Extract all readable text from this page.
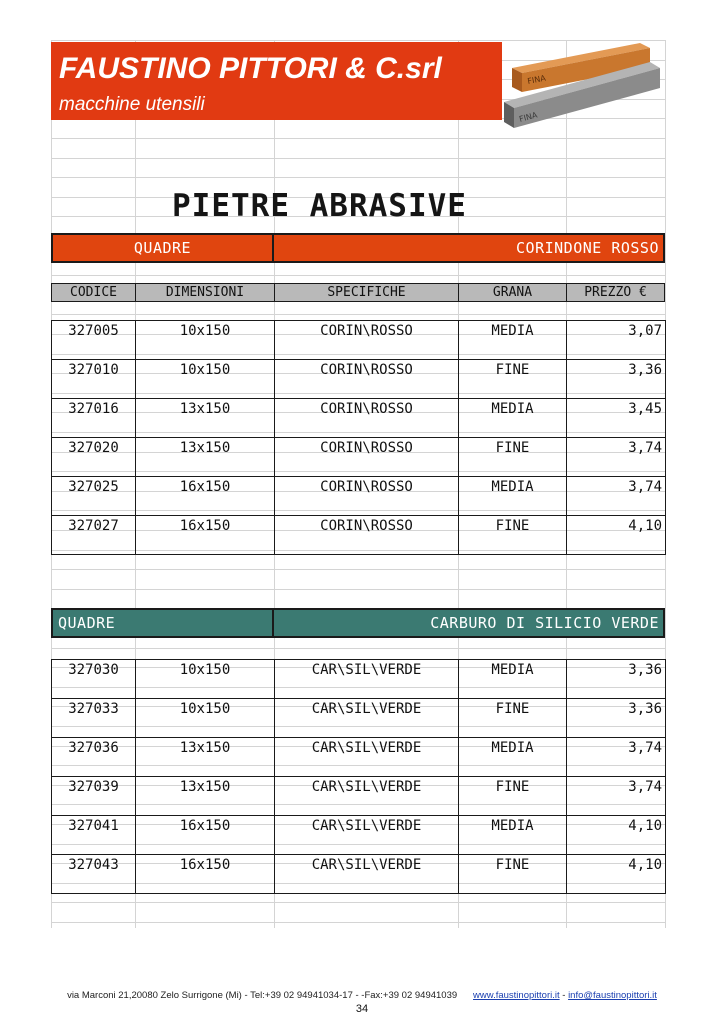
FAUSTINO PITTORI & C.srl
macchine utensili
FINA
FINA
PIETRE ABRASIVE
QUADRE	CORINDONE ROSSO
CODICE	DIMENSIONI	SPECIFICHE	GRANA	PREZZO €
327005	10x150	CORIN\ROSSO	MEDIA	3,07

327010	10x150	CORIN\ROSSO	FINE	3,36

327016	13x150	CORIN\ROSSO	MEDIA	3,45

327020	13x150	CORIN\ROSSO	FINE	3,74

327025	16x150	CORIN\ROSSO	MEDIA	3,74

327027	16x150	CORIN\ROSSO	FINE	4,10

QUADRE	CARBURO DI SILICIO VERDE
327030	10x150	CAR\SIL\VERDE	MEDIA	3,36

327033	10x150	CAR\SIL\VERDE	FINE	3,36

327036	13x150	CAR\SIL\VERDE	MEDIA	3,74

327039	13x150	CAR\SIL\VERDE	FINE	3,74

327041	16x150	CAR\SIL\VERDE	MEDIA	4,10

327043	16x150	CAR\SIL\VERDE	FINE	4,10

via Marconi 21,20080 Zelo Surrigone (Mi) - Tel:+39 02 94941034-17 - -Fax:+39 02 94941039 www.faustinopittori.it - info@faustinopittori.it
34
